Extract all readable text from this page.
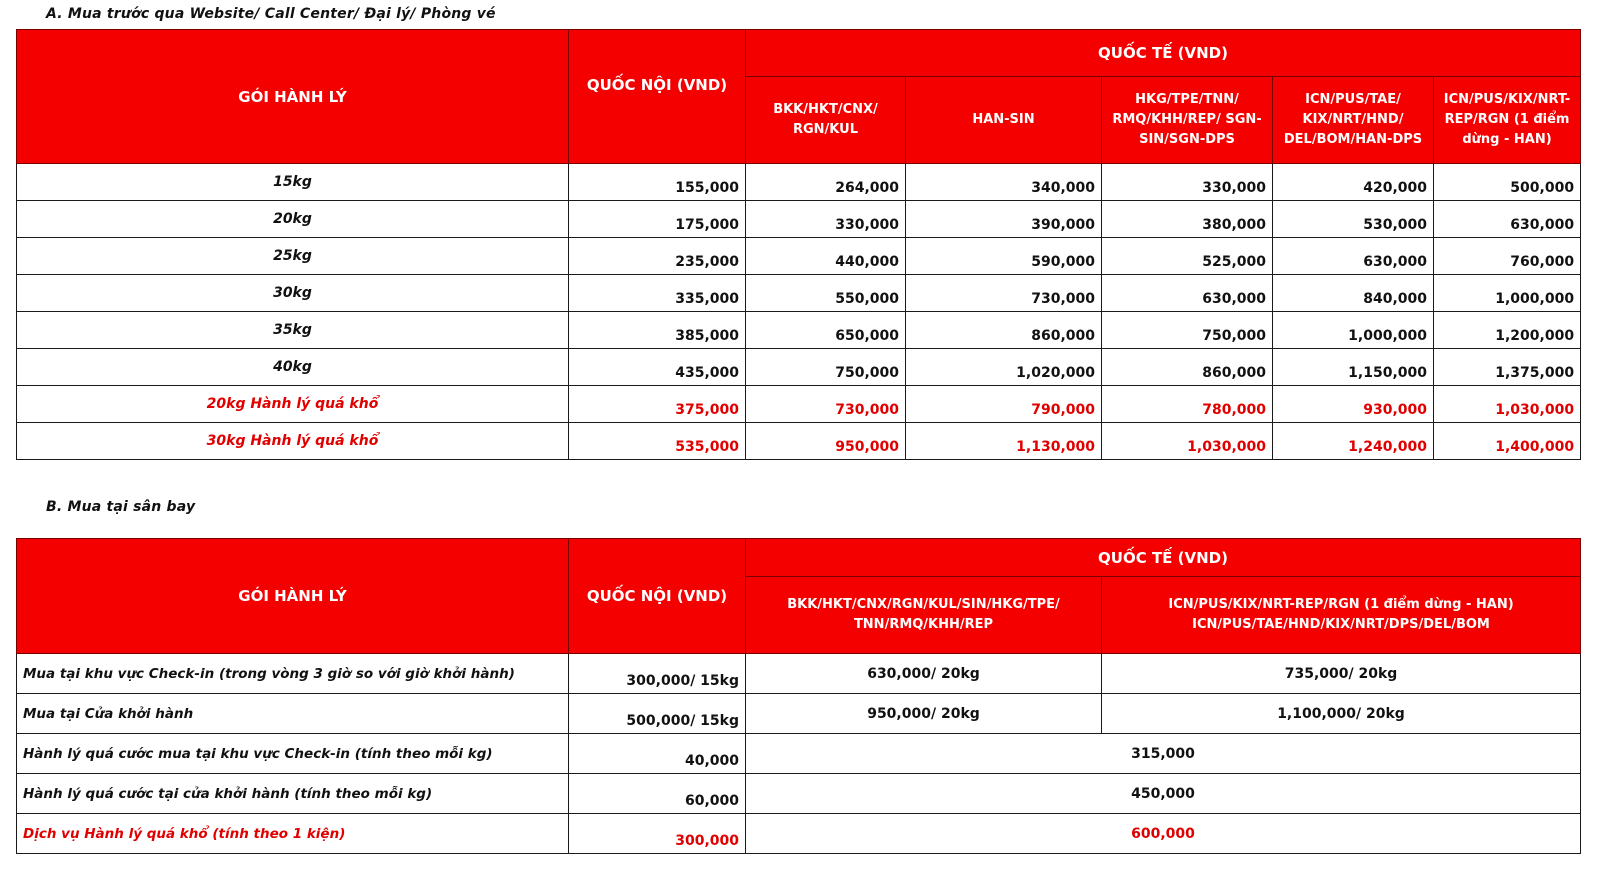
A. Mua trước qua Website/ Call Center/ Đại lý/ Phòng vé
GÓI HÀNH LÝ	QUỐC NỘI (VND)	QUỐC TẾ (VND)				
		BKK/HKT/CNX/ RGN/KUL	HAN-SIN	HKG/TPE/TNN/ RMQ/KHH/REP/ SGN-SIN/SGN-DPS	ICN/PUS/TAE/ KIX/NRT/HND/ DEL/BOM/HAN-DPS	ICN/PUS/KIX/NRT- REP/RGN (1 điểm dừng - HAN)
15kg	155,000	264,000	340,000	330,000	420,000	500,000
20kg	175,000	330,000	390,000	380,000	530,000	630,000
25kg	235,000	440,000	590,000	525,000	630,000	760,000
30kg	335,000	550,000	730,000	630,000	840,000	1,000,000
35kg	385,000	650,000	860,000	750,000	1,000,000	1,200,000
40kg	435,000	750,000	1,020,000	860,000	1,150,000	1,375,000
20kg Hành lý quá khổ	375,000	730,000	790,000	780,000	930,000	1,030,000
30kg Hành lý quá khổ	535,000	950,000	1,130,000	1,030,000	1,240,000	1,400,000
B. Mua tại sân bay
GÓI HÀNH LÝ	QUỐC NỘI (VND)	QUỐC TẾ (VND)	
		BKK/HKT/CNX/RGN/KUL/SIN/HKG/TPE/ TNN/RMQ/KHH/REP	ICN/PUS/KIX/NRT-REP/RGN (1 điểm dừng - HAN) ICN/PUS/TAE/HND/KIX/NRT/DPS/DEL/BOM
Mua tại khu vực Check-in (trong vòng 3 giờ so với giờ khởi hành)	300,000/ 15kg	630,000/ 20kg	735,000/ 20kg
Mua tại Cửa khởi hành	500,000/ 15kg	950,000/ 20kg	1,100,000/ 20kg
Hành lý quá cước mua tại khu vực Check-in (tính theo mỗi kg)	40,000	315,000	
Hành lý quá cước tại cửa khởi hành (tính theo mỗi kg)	60,000	450,000	
Dịch vụ Hành lý quá khổ (tính theo 1 kiện)	300,000	600,000	
